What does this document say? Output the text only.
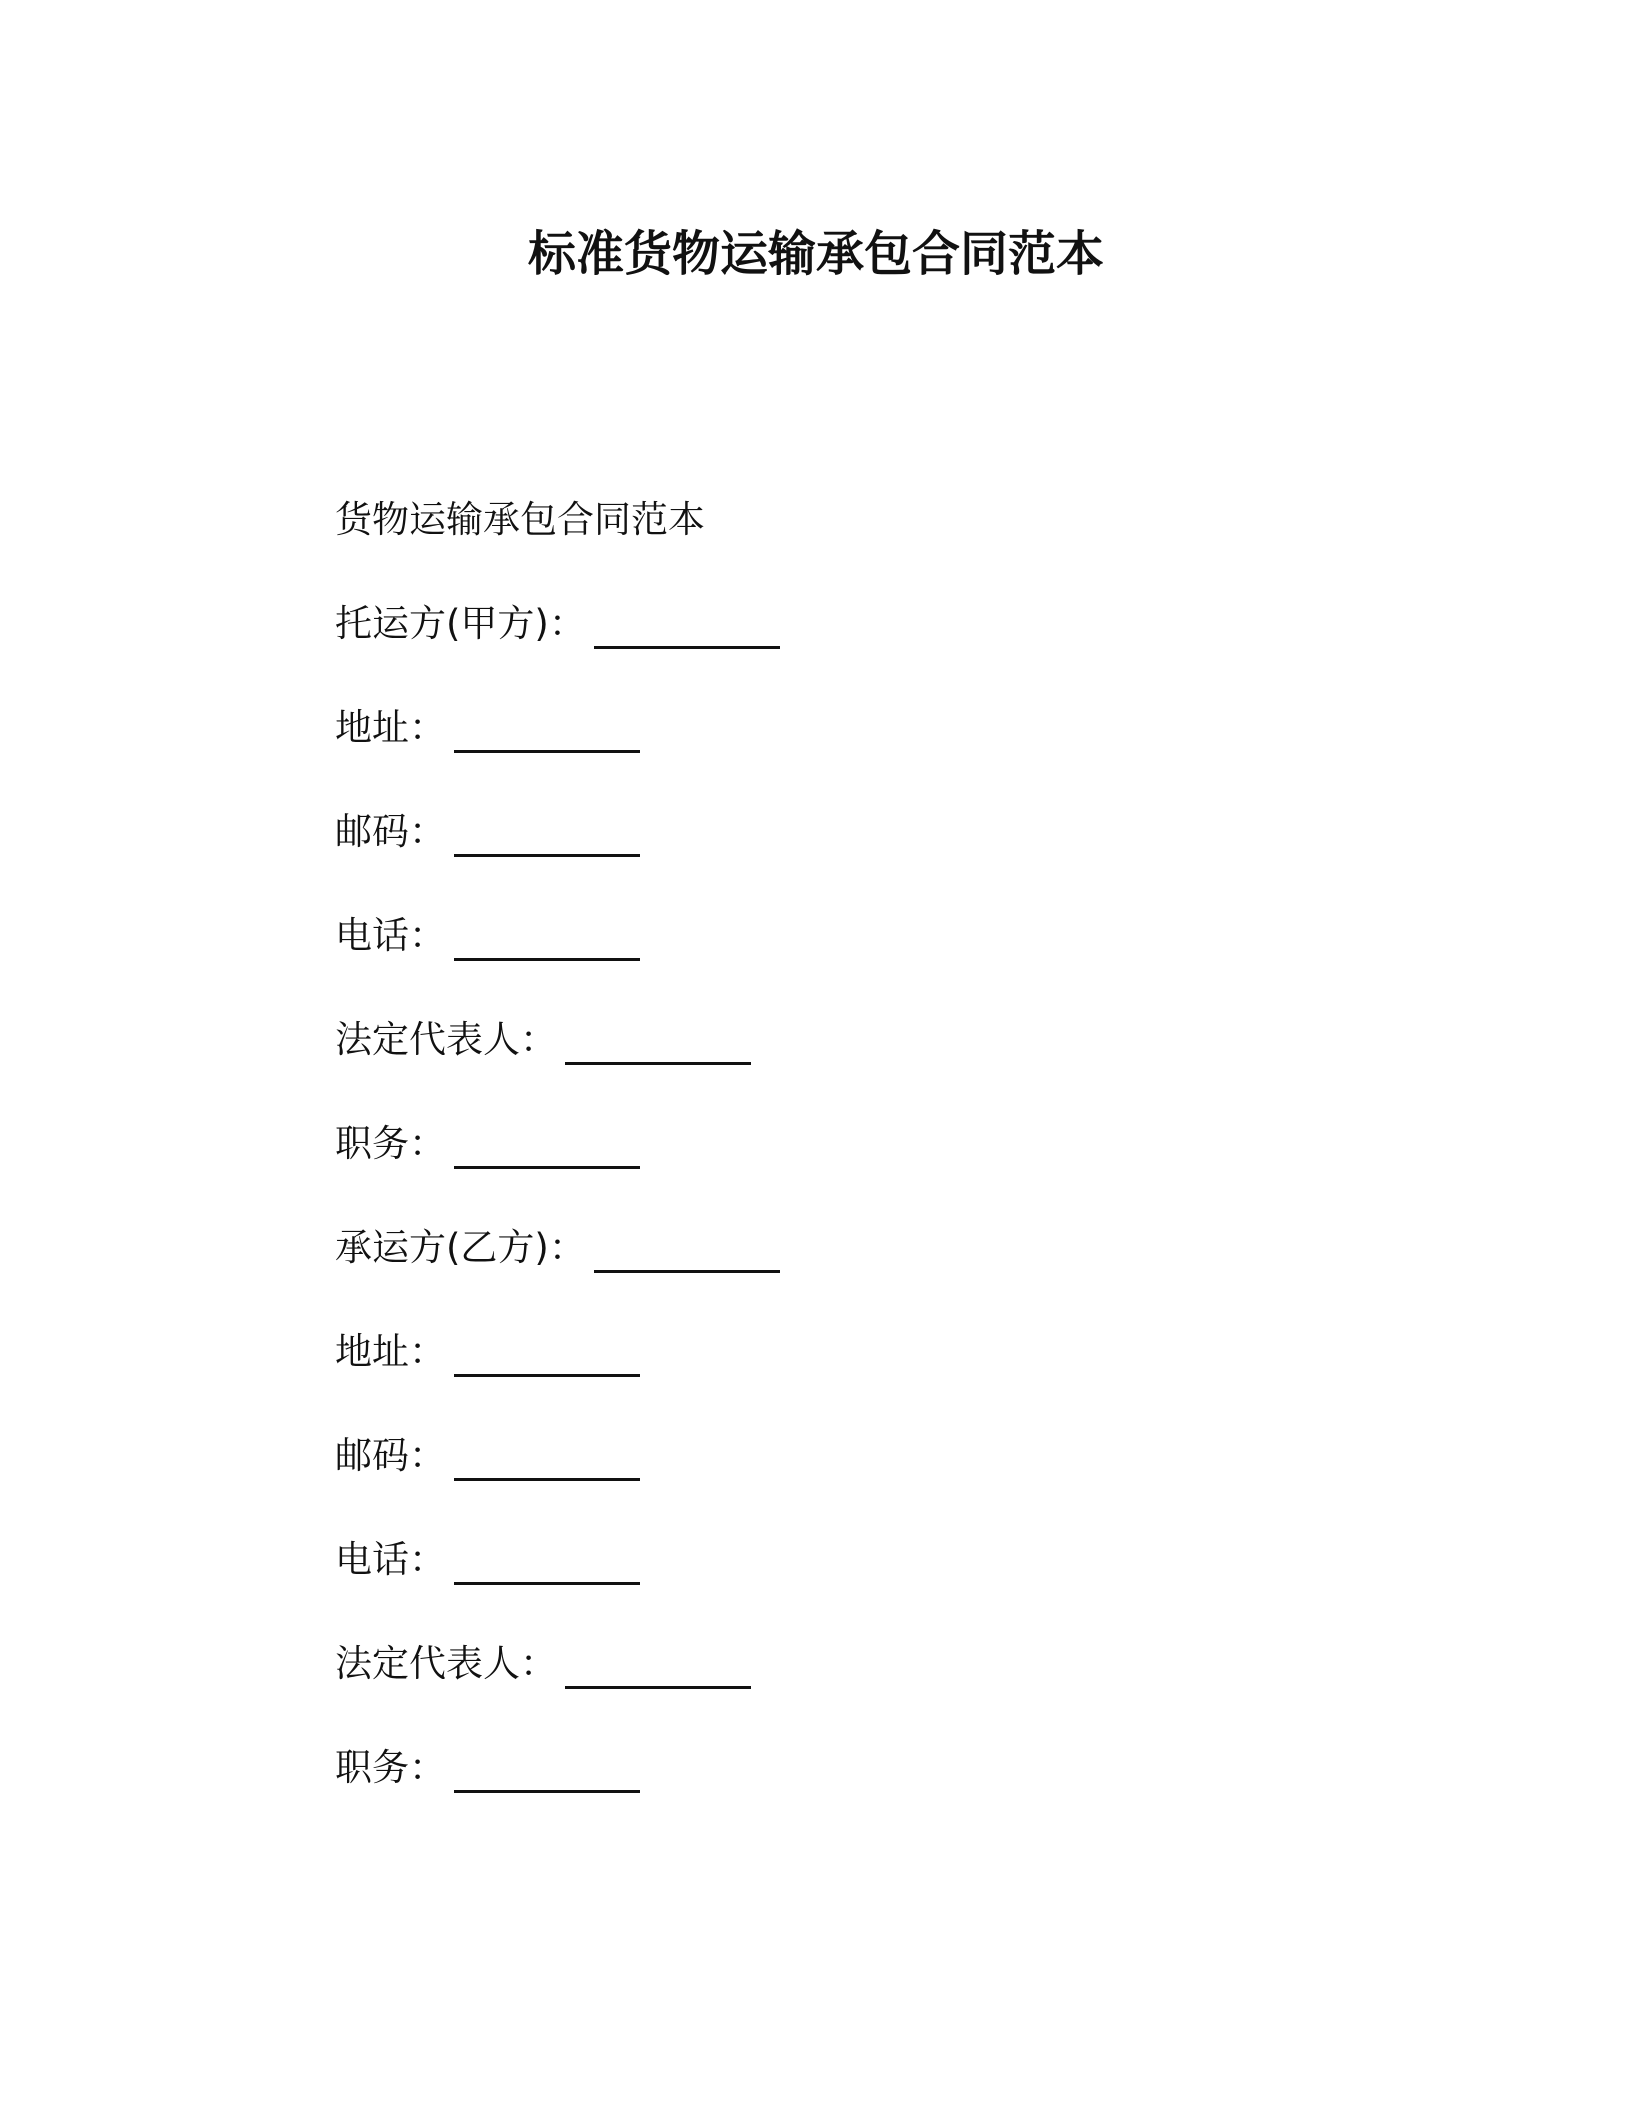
标准货物运输承包合同范本
货物运输承包合同范本
托运方(甲方)：
地址：
邮码：
电话：
法定代表人：
职务：
承运方(乙方)：
地址：
邮码：
电话：
法定代表人：
职务：
